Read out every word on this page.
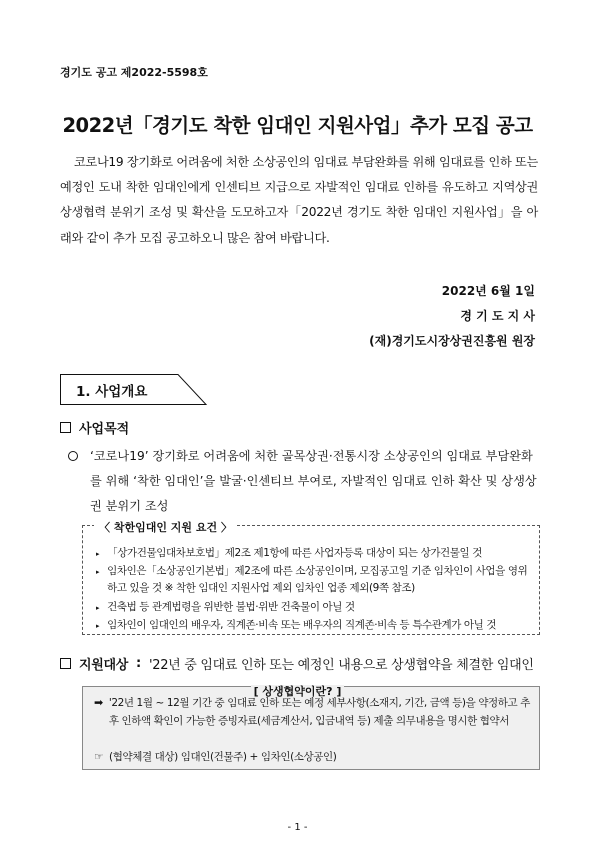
경기도 공고 제2022-5598호
2022년「경기도 착한 임대인 지원사업」추가 모집 공고
코로나19 장기화로 어려움에 처한 소상공인의 임대료 부담완화를 위해 임대료를 인하 또는 예정인 도내 착한 임대인에게 인센티브 지급으로 자발적인 임대료 인하를 유도하고 지역상권 상생협력 분위기 조성 및 확산을 도모하고자「2022년 경기도 착한 임대인 지원사업」을 아래와 같이 추가 모집 공고하오니 많은 참여 바랍니다.
2022년 6월 1일
경 기 도 지 사
(재)경기도시장상권진흥원 원장
1. 사업개요
사업목적
‘코로나19’ 장기화로 어려움에 처한 골목상권·전통시장 소상공인의 임대료 부담완화를 위해 ‘착한 임대인’을 발굴·인센티브 부여로, 자발적인 임대료 인하 확산 및 상생상권 분위기 조성
〈 착한임대인 지원 요건 〉
▸ 「상가건물임대차보호법」제2조 제1항에 따른 사업자등록 대상이 되는 상가건물일 것
▸ 임차인은「소상공인기본법」제2조에 따른 소상공인이며, 모집공고일 기준 임차인이 사업을 영위하고 있을 것 ※ 착한 임대인 지원사업 제외 임차인 업종 제외(9쪽 참조)
▸ 건축법 등 관계법령을 위반한 불법·위반 건축물이 아닐 것
▸ 임차인이 임대인의 배우자, 직계존·비속 또는 배우자의 직계존·비속 등 특수관계가 아닐 것
지원대상 : '22년 중 임대료 인하 또는 예정인 내용으로 상생협약을 체결한 임대인
[ 상생협약이란? ]
➡ '22년 1월 ~ 12월 기간 중 임대료 인하 또는 예정 세부사항(소재지, 기간, 금액 등)을 약정하고 추후 인하액 확인이 가능한 증빙자료(세금계산서, 입금내역 등) 제출 의무내용을 명시한 협약서
☞ (협약체결 대상) 임대인(건물주) + 임차인(소상공인)
- 1 -
